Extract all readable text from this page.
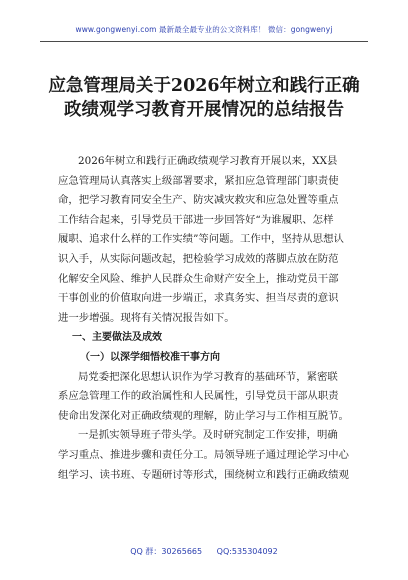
www.gongwenyi.com 最新最全最专业的公文资料库！ 微信：gongwenyj
应急管理局关于2026年树立和践行正确
政绩观学习教育开展情况的总结报告

2026年树立和践行正确政绩观学习教育开展以来，XX县
应急管理局认真落实上级部署要求，紧扣应急管理部门职责使
命，把学习教育同安全生产、防灾减灾救灾和应急处置等重点
工作结合起来，引导党员干部进一步回答好“为谁履职、怎样
履职、追求什么样的工作实绩”等问题。工作中，坚持从思想认
识入手，从实际问题改起，把检验学习成效的落脚点放在防范
化解安全风险、维护人民群众生命财产安全上，推动党员干部
干事创业的价值取向进一步端正，求真务实、担当尽责的意识
进一步增强。现将有关情况报告如下。

一、主要做法及成效
（一）以深学细悟校准干事方向

局党委把深化思想认识作为学习教育的基础环节，紧密联
系应急管理工作的政治属性和人民属性，引导党员干部从职责
使命出发深化对正确政绩观的理解，防止学习与工作相互脱节。

一是抓实领导班子带头学。及时研究制定工作安排，明确
学习重点、推进步骤和责任分工。局领导班子通过理论学习中心
组学习、读书班、专题研讨等形式，围绕树立和践行正确政绩观

QQ 群：30265665 QQ:535304092
